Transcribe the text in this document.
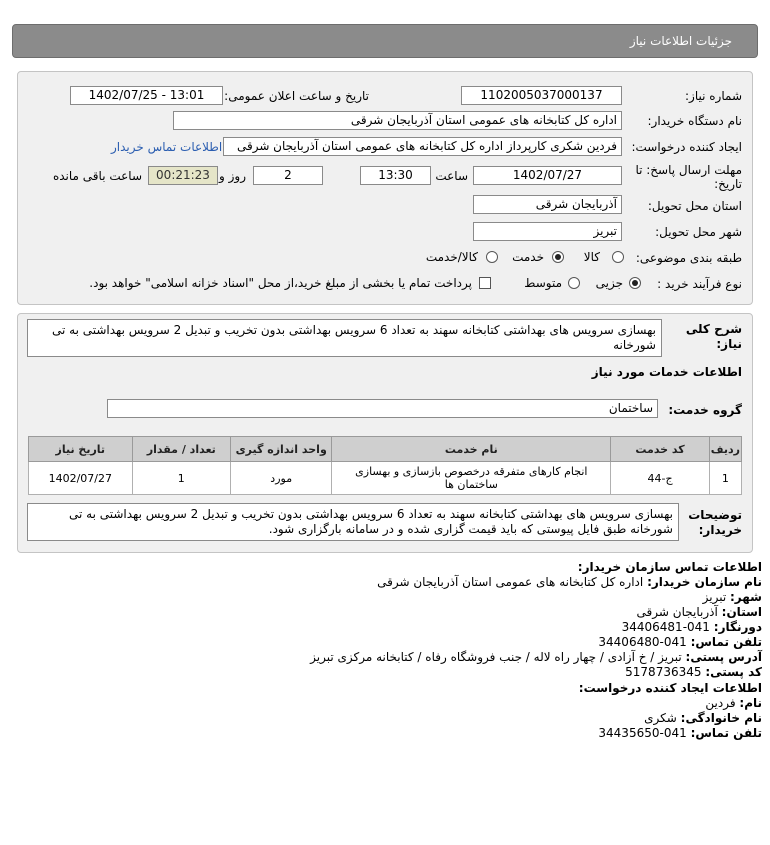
جزئیات اطلاعات نیاز
شماره نیاز:
1102005037000137
تاریخ و ساعت اعلان عمومی:
1402/07/25 - 13:01
نام دستگاه خریدار:
اداره کل کتابخانه های عمومی استان آذربایجان شرقی
ایجاد کننده درخواست:
فردین شکری کارپرداز اداره کل کتابخانه های عمومی استان آذربایجان شرقی
اطلاعات تماس خریدار
مهلت ارسال پاسخ: تا
تاریخ:
1402/07/27
ساعت
13:30
2
روز و
00:21:23
ساعت باقی مانده
استان محل تحویل:
آذربایجان شرقی
شهر محل تحویل:
تبریز
طبقه بندی موضوعی:
کالا
خدمت
کالا/خدمت
نوع فرآیند خرید :
جزیی
متوسط
پرداخت تمام یا بخشی از مبلغ خرید،از محل "اسناد خزانه اسلامی" خواهد بود.
شرح کلی
نیاز:
بهسازی سرویس های بهداشتی کتابخانه سهند به تعداد 6 سرویس بهداشتی بدون تخریب و تبدیل 2 سرویس بهداشتی به تی شورخانه
اطلاعات خدمات مورد نیاز
گروه خدمت:
ساختمان
ردیف	کد خدمت	نام خدمت	واحد اندازه گیری	تعداد / مقدار	تاریخ نیاز
1	ج-44	انجام کارهای متفرقه درخصوص بازسازی و بهسازی ساختمان ها	مورد	1	1402/07/27
توضیحات
خریدار:
بهسازی سرویس های بهداشتی کتابخانه سهند به تعداد 6 سرویس بهداشتی بدون تخریب و تبدیل 2 سرویس بهداشتی به تی شورخانه طبق فایل پیوستی که باید قیمت گزاری شده و در سامانه بارگزاری شود.
اطلاعات تماس سازمان خریدار:
نام سازمان خریدار: اداره کل کتابخانه های عمومی استان آذربایجان شرقی
شهر: تبریز
استان: آذربایجان شرقی
دورنگار: 041-34406481
تلفن تماس: 041-34406480
آدرس پستی: تبریز / خ آزادی / چهار راه لاله / جنب فروشگاه رفاه / کتابخانه مرکزی تبریز
کد پستی: 5178736345
اطلاعات ایجاد کننده درخواست:
نام: فردین
نام خانوادگی: شکری
تلفن تماس: 041-34435650
